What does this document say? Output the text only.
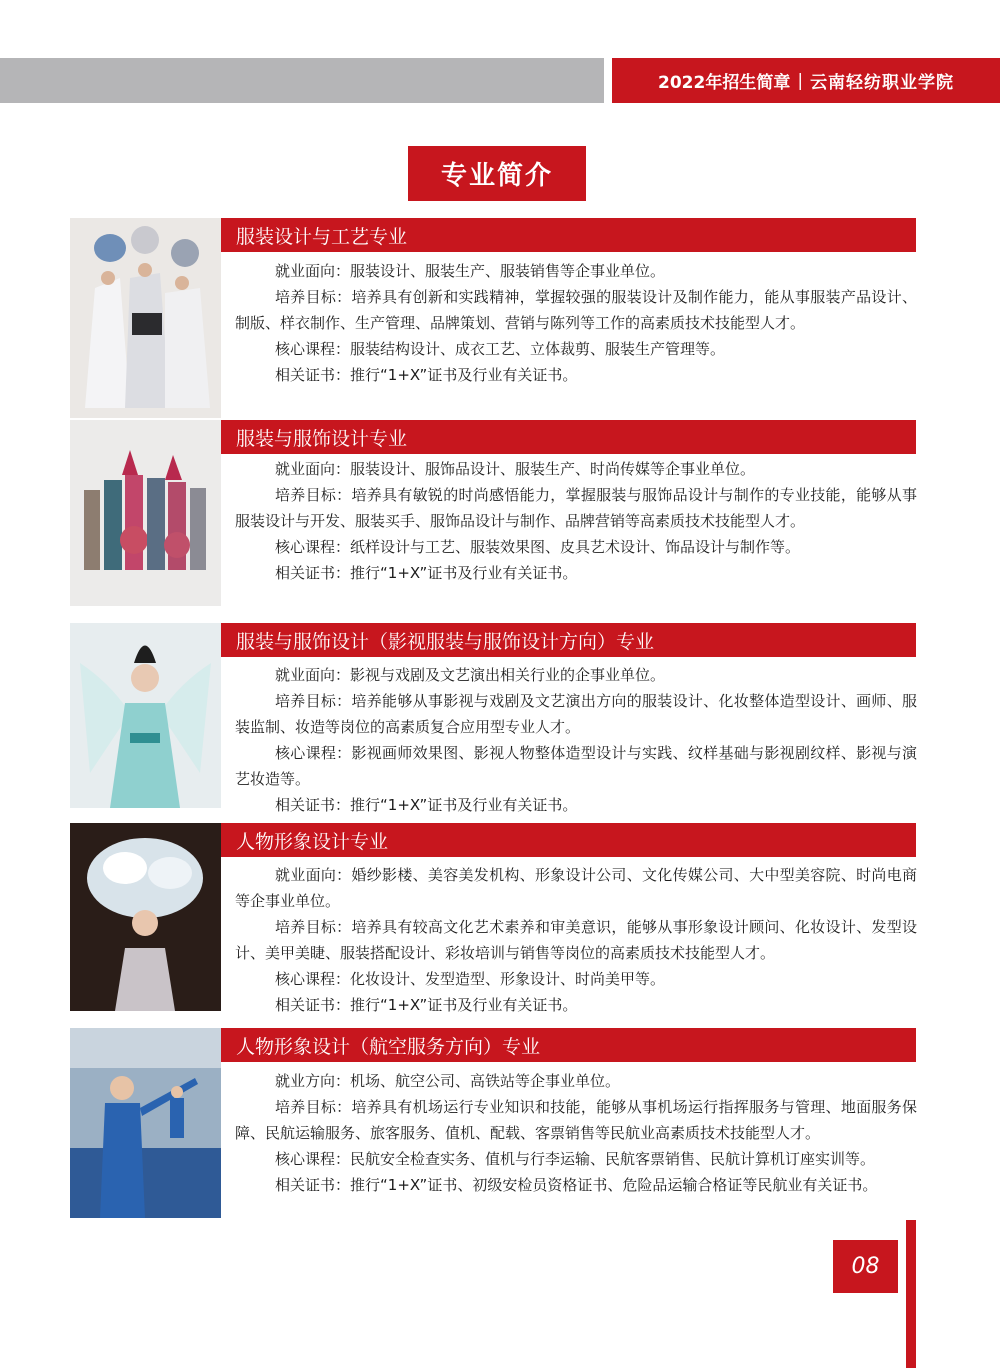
2022年招生简章 | 云南轻纺职业学院
专业简介
服装设计与工艺专业

就业面向：服装设计、服装生产、服装销售等企事业单位。

培养目标：培养具有创新和实践精神，掌握较强的服装设计及制作能力，能从事服装产品设计、制版、样衣制作、生产管理、品牌策划、营销与陈列等工作的高素质技术技能型人才。

核心课程：服装结构设计、成衣工艺、立体裁剪、服装生产管理等。

相关证书：推行“1+X”证书及行业有关证书。

服装与服饰设计专业

就业面向：服装设计、服饰品设计、服装生产、时尚传媒等企事业单位。

培养目标：培养具有敏锐的时尚感悟能力，掌握服装与服饰品设计与制作的专业技能，能够从事服装设计与开发、服装买手、服饰品设计与制作、品牌营销等高素质技术技能型人才。

核心课程：纸样设计与工艺、服装效果图、皮具艺术设计、饰品设计与制作等。

相关证书：推行“1+X”证书及行业有关证书。

服装与服饰设计（影视服装与服饰设计方向）专业

就业面向：影视与戏剧及文艺演出相关行业的企事业单位。

培养目标：培养能够从事影视与戏剧及文艺演出方向的服装设计、化妆整体造型设计、画师、服装监制、妆造等岗位的高素质复合应用型专业人才。

核心课程：影视画师效果图、影视人物整体造型设计与实践、纹样基础与影视剧纹样、影视与演艺妆造等。

相关证书：推行“1+X”证书及行业有关证书。

人物形象设计专业

就业面向：婚纱影楼、美容美发机构、形象设计公司、文化传媒公司、大中型美容院、时尚电商等企事业单位。

培养目标：培养具有较高文化艺术素养和审美意识，能够从事形象设计顾问、化妆设计、发型设计、美甲美睫、服装搭配设计、彩妆培训与销售等岗位的高素质技术技能型人才。

核心课程：化妆设计、发型造型、形象设计、时尚美甲等。

相关证书：推行“1+X”证书及行业有关证书。

人物形象设计（航空服务方向）专业

就业方向：机场、航空公司、高铁站等企事业单位。

培养目标：培养具有机场运行专业知识和技能，能够从事机场运行指挥服务与管理、地面服务保障、民航运输服务、旅客服务、值机、配载、客票销售等民航业高素质技术技能型人才。

核心课程：民航安全检查实务、值机与行李运输、民航客票销售、民航计算机订座实训等。

相关证书：推行“1+X”证书、初级安检员资格证书、危险品运输合格证等民航业有关证书。

08
